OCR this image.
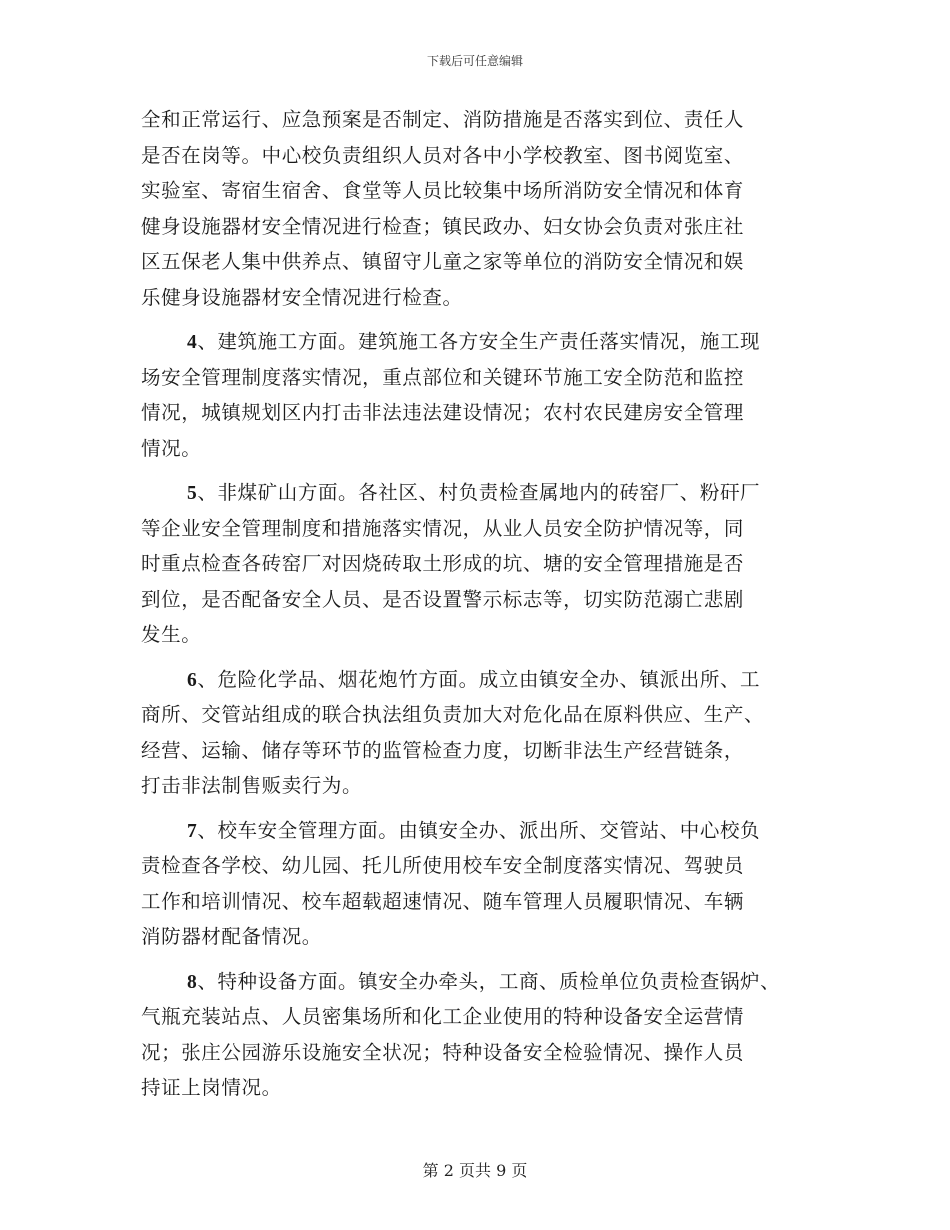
下载后可任意编辑
全和正常运行、应急预案是否制定、消防措施是否落实到位、责任人
是否在岗等。中心校负责组织人员对各中小学校教室、图书阅览室、
实验室、寄宿生宿舍、食堂等人员比较集中场所消防安全情况和体育
健身设施器材安全情况进行检查；镇民政办、妇女协会负责对张庄社
区五保老人集中供养点、镇留守儿童之家等单位的消防安全情况和娱
乐健身设施器材安全情况进行检查。
4、建筑施工方面。建筑施工各方安全生产责任落实情况，施工现
场安全管理制度落实情况，重点部位和关键环节施工安全防范和监控
情况，城镇规划区内打击非法违法建设情况；农村农民建房安全管理
情况。
5、非煤矿山方面。各社区、村负责检查属地内的砖窑厂、粉矸厂
等企业安全管理制度和措施落实情况，从业人员安全防护情况等，同
时重点检查各砖窑厂对因烧砖取土形成的坑、塘的安全管理措施是否
到位，是否配备安全人员、是否设置警示标志等，切实防范溺亡悲剧
发生。
6、危险化学品、烟花炮竹方面。成立由镇安全办、镇派出所、工
商所、交管站组成的联合执法组负责加大对危化品在原料供应、生产、
经营、运输、储存等环节的监管检查力度，切断非法生产经营链条，
打击非法制售贩卖行为。
7、校车安全管理方面。由镇安全办、派出所、交管站、中心校负
责检查各学校、幼儿园、托儿所使用校车安全制度落实情况、驾驶员
工作和培训情况、校车超载超速情况、随车管理人员履职情况、车辆
消防器材配备情况。
8、特种设备方面。镇安全办牵头，工商、质检单位负责检查锅炉、
气瓶充装站点、人员密集场所和化工企业使用的特种设备安全运营情
况；张庄公园游乐设施安全状况；特种设备安全检验情况、操作人员
持证上岗情况。
第 2 页共 9 页
